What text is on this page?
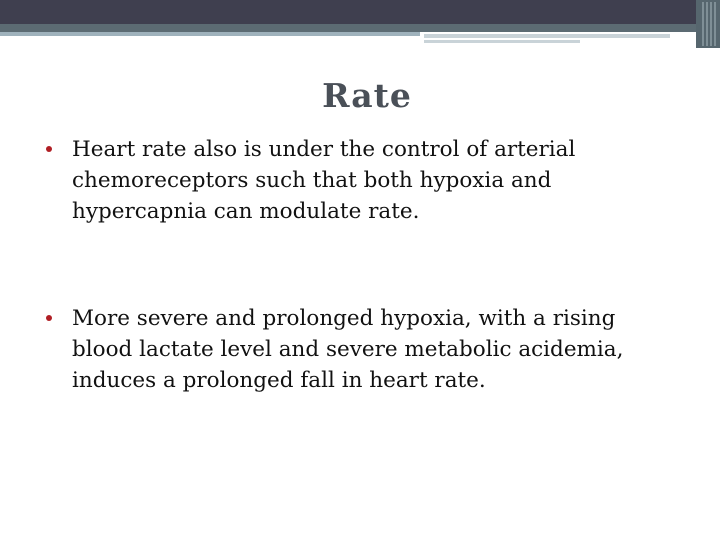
Rate
Heart rate also is under the control of arterial chemoreceptors such that both hypoxia and hypercapnia can modulate rate.
More severe and prolonged hypoxia, with a rising blood lactate level and severe metabolic acidemia, induces a prolonged fall in heart rate.
